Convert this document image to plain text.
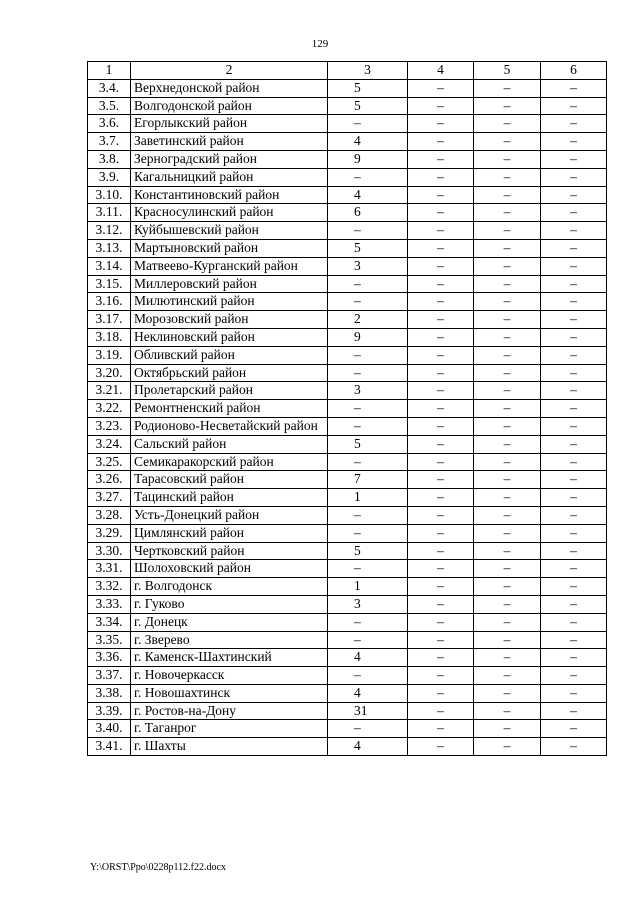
129
1	2	3	4	5	6
3.4.	Верхнедонской район	5	–	–	–
3.5.	Волгодонской район	5	–	–	–
3.6.	Егорлыкский район	–	–	–	–
3.7.	Заветинский район	4	–	–	–
3.8.	Зерноградский район	9	–	–	–
3.9.	Кагальницкий район	–	–	–	–
3.10.	Константиновский район	4	–	–	–
3.11.	Красносулинский район	6	–	–	–
3.12.	Куйбышевский район	–	–	–	–
3.13.	Мартыновский район	5	–	–	–
3.14.	Матвеево-Курганский район	3	–	–	–
3.15.	Миллеровский район	–	–	–	–
3.16.	Милютинский район	–	–	–	–
3.17.	Морозовский район	2	–	–	–
3.18.	Неклиновский район	9	–	–	–
3.19.	Обливский район	–	–	–	–
3.20.	Октябрьский район	–	–	–	–
3.21.	Пролетарский район	3	–	–	–
3.22.	Ремонтненский район	–	–	–	–
3.23.	Родионово-Несветайский район	–	–	–	–
3.24.	Сальский район	5	–	–	–
3.25.	Семикаракорский район	–	–	–	–
3.26.	Тарасовский район	7	–	–	–
3.27.	Тацинский район	1	–	–	–
3.28.	Усть-Донецкий район	–	–	–	–
3.29.	Цимлянский район	–	–	–	–
3.30.	Чертковский район	5	–	–	–
3.31.	Шолоховский район	–	–	–	–
3.32.	г. Волгодонск	1	–	–	–
3.33.	г. Гуково	3	–	–	–
3.34.	г. Донецк	–	–	–	–
3.35.	г. Зверево	–	–	–	–
3.36.	г. Каменск-Шахтинский	4	–	–	–
3.37.	г. Новочеркасск	–	–	–	–
3.38.	г. Новошахтинск	4	–	–	–
3.39.	г. Ростов-на-Дону	31	–	–	–
3.40.	г. Таганрог	–	–	–	–
3.41.	г. Шахты	4	–	–	–
Y:\ORST\Ppo\0228p112.f22.docx
